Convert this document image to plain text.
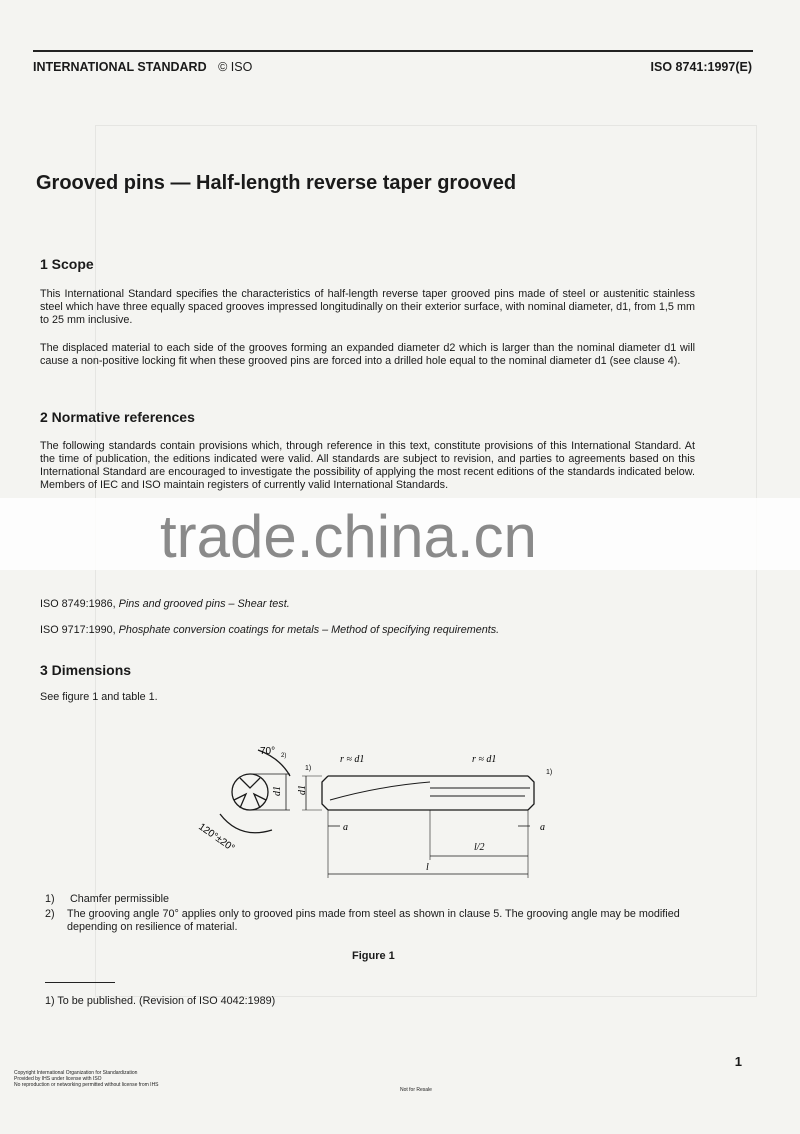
INTERNATIONAL STANDARD © ISO	ISO 8741:1997(E)
Grooved pins — Half-length reverse taper grooved
1 Scope
This International Standard specifies the characteristics of half-length reverse taper grooved pins made of steel or austenitic stainless steel which have three equally spaced grooves impressed longitudinally on their exterior surface, with nominal diameter, d1, from 1,5 mm to 25 mm inclusive.
The displaced material to each side of the grooves forming an expanded diameter d2 which is larger than the nominal diameter d1 will cause a non-positive locking fit when these grooved pins are forced into a drilled hole equal to the nominal diameter d1 (see clause 4).
2 Normative references
The following standards contain provisions which, through reference in this text, constitute provisions of this International Standard. At the time of publication, the editions indicated were valid. All standards are subject to revision, and parties to agreements based on this International Standard are encouraged to investigate the possibility of applying the most recent editions of the standards indicated below. Members of IEC and ISO maintain registers of currently valid International Standards.
trade.china.cn
ISO 8749:1986, Pins and grooved pins – Shear test.
ISO 9717:1990, Phosphate conversion coatings for metals – Method of specifying requirements.
3 Dimensions
See figure 1 and table 1.
70° 2)
120°±20°
d1 d1
r ≈ d1	r ≈ d1
1)
1)
a	a
l/2
l
1) Chamfer permissible
2)	The grooving angle 70° applies only to grooved pins made from steel as shown in clause 5. The grooving angle may be modified depending on resilience of material.
Figure 1
1) To be published. (Revision of ISO 4042:1989)
1
Copyright International Organization for Standardization
Provided by IHS under license with ISO
No reproduction or networking permitted without license from IHS
Not for Resale
